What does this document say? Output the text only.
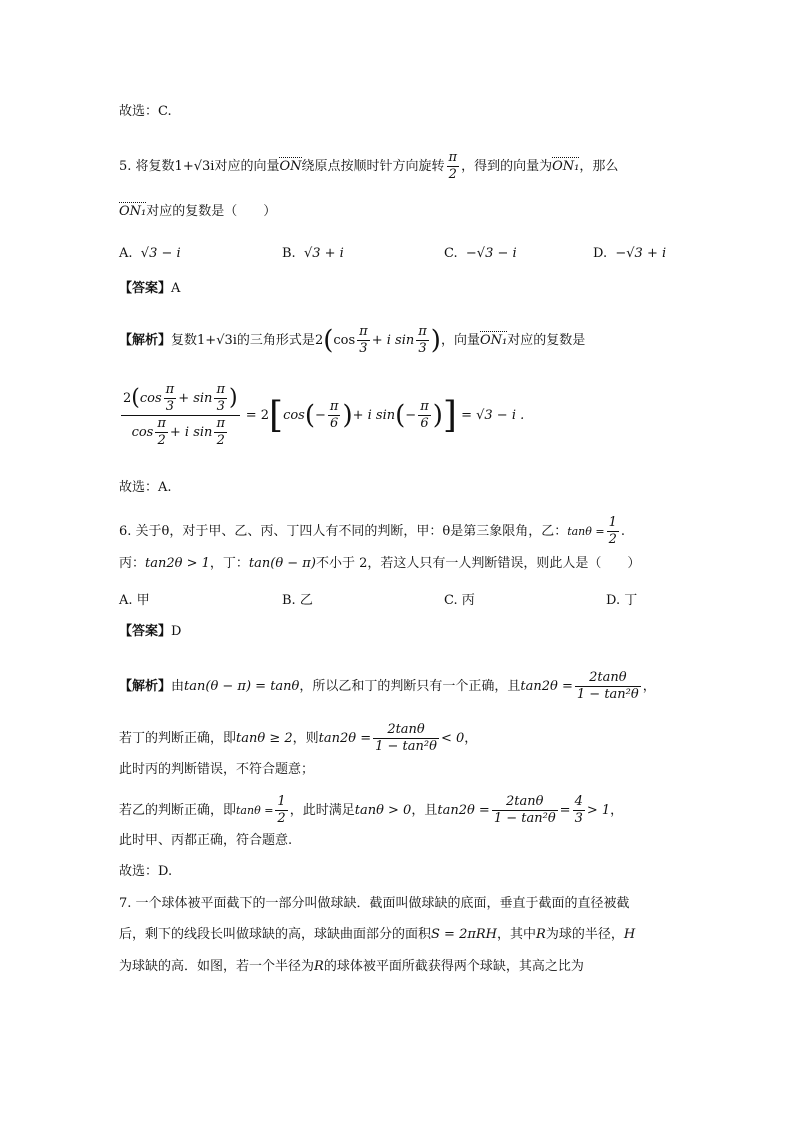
故选：C.
5. 将复数1+√3i对应的向量ON绕原点按顺时针方向旋转 $\frac{\pi}{2}$ ，得到的向量为ON₁，那么
ON₁对应的复数是（　　）
A. √3 − i	B. √3 + i	C. −√3 − i	D. −√3 + i
【答案】A
【解析】复数1+√3i的三角形式是$2(\cos \frac{\pi}{3} + i$ $\sin \frac{\pi}{3}$ )，向量ON₁对应的复数是
$\frac{2(\cos \frac{\pi}{3} + \sin \frac{\pi}{3} )}{\cos \frac{\pi}{2} + i \sin \frac{\pi}{2}} = 2[\cos(- \frac{\pi}{6}$ )+ i $\sin(- \frac{\pi}{6}$ )] = √3 − i .
故选：A.
6. 关于θ，对于甲、乙、丙、丁四人有不同的判断，甲：θ是第三象限角，乙：$\tan\theta = \frac{1}{2}$ .
丙：tan2θ > 1，丁：tan(θ − π)不小于 2，若这人只有一人判断错误，则此人是（　　）
A. 甲	B. 乙	C. 丙	D. 丁
【答案】D
【解析】由tan(θ − π) = tanθ，所以乙和丁的判断只有一个正确，且$\tan 2\theta = \frac{2\tan\theta}{\text{1 − tan²θ}}$ ，
若丁的判断正确，即tanθ ≥ 2，则$\tan 2\theta = \frac{2\tan\theta}{\text{1 − tan²θ}} < 0$，
此时丙的判断错误，不符合题意；
若乙的判断正确，即$\tan\theta = \frac{1}{2}$ ，此时满足tanθ > 0，且$\tan 2\theta = \frac{2\tan\theta}{\text{1 − tan²θ}} = \frac{4}{3} > 1$，
此时甲、丙都正确，符合题意.
故选：D.
7. 一个球体被平面截下的一部分叫做球缺．截面叫做球缺的底面，垂直于截面的直径被截
后，剩下的线段长叫做球缺的高，球缺曲面部分的面积S = 2πRH，其中R为球的半径，H
为球缺的高．如图，若一个半径为R的球体被平面所截获得两个球缺，其高之比为
